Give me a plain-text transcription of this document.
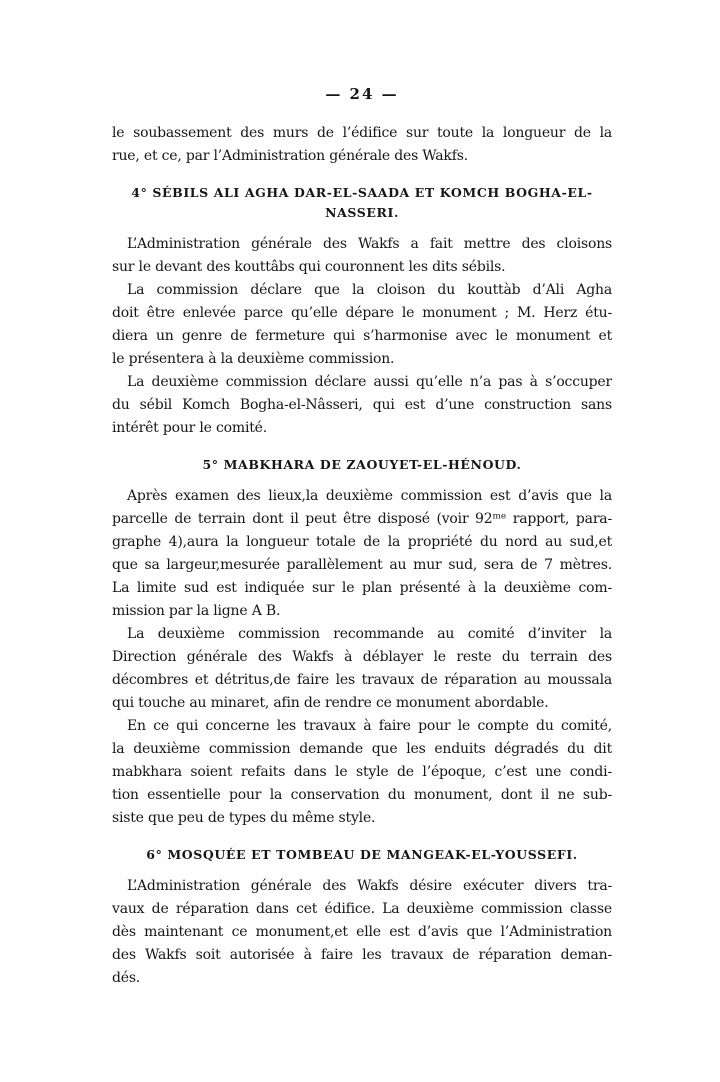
— 24 —
le soubassement des murs de l’édifice sur toute la longueur de la
rue, et ce, par l’Administration générale des Wakfs.
4° SÉBILS ALI AGHA DAR-EL-SAADA ET KOMCH BOGHA-EL-NASSERI.
L’Administration générale des Wakfs a fait mettre des cloisons
sur le devant des kouttâbs qui couronnent les dits sébils.
La commission déclare que la cloison du kouttàb d’Ali Agha
doit être enlevée parce qu’elle dépare le monument ; M. Herz étu-
diera un genre de fermeture qui s’harmonise avec le monument et
le présentera à la deuxième commission.
La deuxième commission déclare aussi qu’elle n’a pas à s’occuper
du sébil Komch Bogha-el-Nâsseri, qui est d’une construction sans
intérêt pour le comité.
5° MABKHARA DE ZAOUYET-EL-HÉNOUD.
Après examen des lieux,la deuxième commission est d’avis que la
parcelle de terrain dont il peut être disposé (voir 92ᵐᵉ rapport, para-
graphe 4),aura la longueur totale de la propriété du nord au sud,et
que sa largeur,mesurée parallèlement au mur sud, sera de 7 mètres.
La limite sud est indiquée sur le plan présenté à la deuxième com-
mission par la ligne A B.
La deuxième commission recommande au comité d’inviter la
Direction générale des Wakfs à déblayer le reste du terrain des
décombres et détritus,de faire les travaux de réparation au moussala
qui touche au minaret, afin de rendre ce monument abordable.
En ce qui concerne les travaux à faire pour le compte du comité,
la deuxième commission demande que les enduits dégradés du dit
mabkhara soient refaits dans le style de l’époque, c’est une condi-
tion essentielle pour la conservation du monument, dont il ne sub-
siste que peu de types du même style.
6° MOSQUÉE ET TOMBEAU DE MANGEAK-EL-YOUSSEFI.
L’Administration générale des Wakfs désire exécuter divers tra-
vaux de réparation dans cet édifice. La deuxième commission classe
dès maintenant ce monument,et elle est d’avis que l’Administration
des Wakfs soit autorisée à faire les travaux de réparation deman-
dés.
